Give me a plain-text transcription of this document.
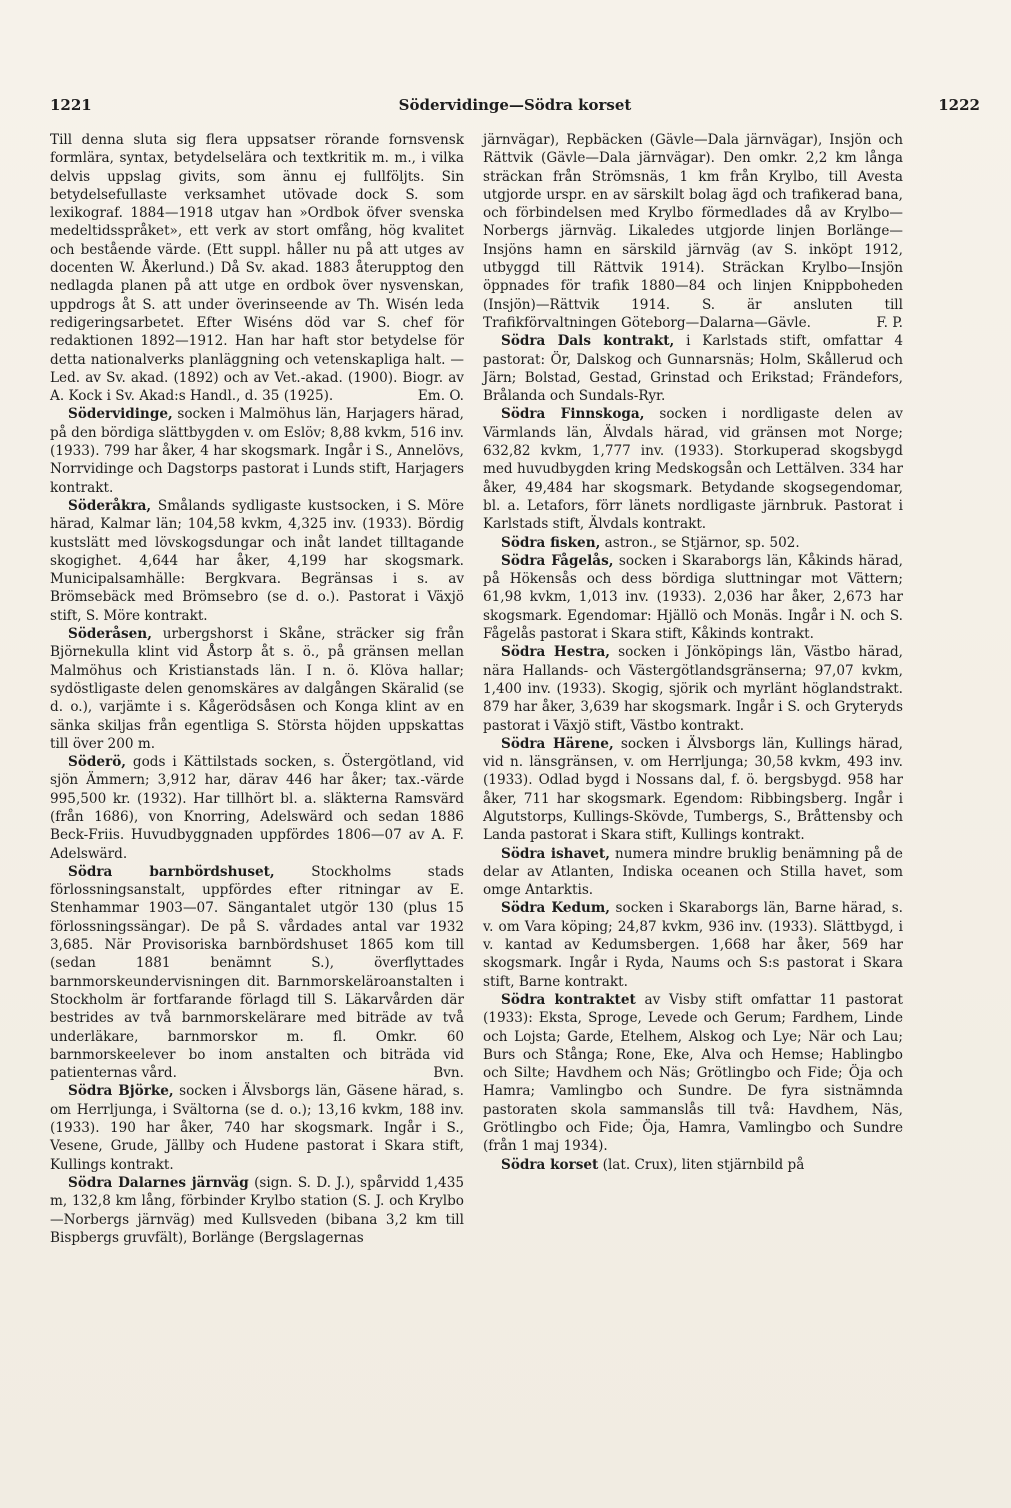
1221	Södervidinge—Södra korset	1222

Till denna sluta sig flera uppsatser rörande fornsvensk formlära, syntax, betydelselära och textkritik m. m., i vilka delvis uppslag givits, som ännu ej fullföljts. Sin betydelsefullaste verksamhet utövade dock S. som lexikograf. 1884—1918 utgav han »Ordbok öfver svenska medeltidsspråket», ett verk av stort omfång, hög kvalitet och bestående värde. (Ett suppl. håller nu på att utges av docenten W. Åkerlund.) Då Sv. akad. 1883 återupptog den nedlagda planen på att utge en ordbok över nysvenskan, uppdrogs åt S. att under överinseende av Th. Wisén leda redigeringsarbetet. Efter Wiséns död var S. chef för redaktionen 1892—1912. Han har haft stor betydelse för detta nationalverks planläggning och vetenskapliga halt. — Led. av Sv. akad. (1892) och av Vet.-akad. (1900). Biogr. av A. Kock i Sv. Akad:s Handl., d. 35 (1925).	Em. O.

Södervidinge, socken i Malmöhus län, Harjagers härad, på den bördiga slättbygden v. om Eslöv; 8,88 kvkm, 516 inv. (1933). 799 har åker, 4 har skogsmark. Ingår i S., Annelövs, Norrvidinge och Dagstorps pastorat i Lunds stift, Harjagers kontrakt.

Söderåkra, Smålands sydligaste kustsocken, i S. Möre härad, Kalmar län; 104,58 kvkm, 4,325 inv. (1933). Bördig kustslätt med lövskogsdungar och inåt landet tilltagande skogighet. 4,644 har åker, 4,199 har skogsmark. Municipalsamhälle: Bergkvara. Begränsas i s. av Brömsebäck med Brömsebro (se d. o.). Pastorat i Växjö stift, S. Möre kontrakt.

Söderåsen, urbergshorst i Skåne, sträcker sig från Björnekulla klint vid Åstorp åt s. ö., på gränsen mellan Malmöhus och Kristianstads län. I n. ö. Klöva hallar; sydöstligaste delen genomskäres av dalgången Skäralid (se d. o.), varjämte i s. Kågerödsåsen och Konga klint av en sänka skiljas från egentliga S. Största höjden uppskattas till över 200 m.

Söderö, gods i Kättilstads socken, s. Östergötland, vid sjön Ämmern; 3,912 har, därav 446 har åker; tax.-värde 995,500 kr. (1932). Har tillhört bl. a. släkterna Ramsvärd (från 1686), von Knorring, Adelswärd och sedan 1886 Beck-Friis. Huvudbyggnaden uppfördes 1806—07 av A. F. Adelswärd.

Södra barnbördshuset, Stockholms stads förlossningsanstalt, uppfördes efter ritningar av E. Stenhammar 1903—07. Sängantalet utgör 130 (plus 15 förlossningssängar). De på S. vårdades antal var 1932 3,685. När Provisoriska barnbördshuset 1865 kom till (sedan 1881 benämnt S.), överflyttades barnmorskeundervisningen dit. Barnmorskeläroanstalten i Stockholm är fortfarande förlagd till S. Läkarvården där bestrides av två barnmorskelärare med biträde av två underläkare, barnmorskor m. fl. Omkr. 60 barnmorskeelever bo inom anstalten och biträda vid patienternas vård.	Bvn.

Södra Björke, socken i Älvsborgs län, Gäsene härad, s. om Herrljunga, i Svältorna (se d. o.); 13,16 kvkm, 188 inv. (1933). 190 har åker, 740 har skogsmark. Ingår i S., Vesene, Grude, Jällby och Hudene pastorat i Skara stift, Kullings kontrakt.

Södra Dalarnes järnväg (sign. S. D. J.), spårvidd 1,435 m, 132,8 km lång, förbinder Krylbo station (S. J. och Krylbo—Norbergs järnväg) med Kullsveden (bibana 3,2 km till Bispbergs gruvfält), Borlänge (Bergslagernas

järnvägar), Repbäcken (Gävle—Dala järnvägar), Insjön och Rättvik (Gävle—Dala järnvägar). Den omkr. 2,2 km långa sträckan från Strömsnäs, 1 km från Krylbo, till Avesta utgjorde urspr. en av särskilt bolag ägd och trafikerad bana, och förbindelsen med Krylbo förmedlades då av Krylbo—Norbergs järnväg. Likaledes utgjorde linjen Borlänge—Insjöns hamn en särskild järnväg (av S. inköpt 1912, utbyggd till Rättvik 1914). Sträckan Krylbo—Insjön öppnades för trafik 1880—84 och linjen Knippboheden (Insjön)—Rättvik 1914. S. är ansluten till Trafikförvaltningen Göteborg—Dalarna—Gävle.	F. P.

Södra Dals kontrakt, i Karlstads stift, omfattar 4 pastorat: Ör, Dalskog och Gunnarsnäs; Holm, Skållerud och Järn; Bolstad, Gestad, Grinstad och Erikstad; Frändefors, Brålanda och Sundals-Ryr.

Södra Finnskoga, socken i nordligaste delen av Värmlands län, Älvdals härad, vid gränsen mot Norge; 632,82 kvkm, 1,777 inv. (1933). Storkuperad skogsbygd med huvudbygden kring Medskogsån och Lettälven. 334 har åker, 49,484 har skogsmark. Betydande skogsegendomar, bl. a. Letafors, förr länets nordligaste järnbruk. Pastorat i Karlstads stift, Älvdals kontrakt.

Södra fisken, astron., se Stjärnor, sp. 502.

Södra Fågelås, socken i Skaraborgs län, Kåkinds härad, på Hökensås och dess bördiga sluttningar mot Vättern; 61,98 kvkm, 1,013 inv. (1933). 2,036 har åker, 2,673 har skogsmark. Egendomar: Hjällö och Monäs. Ingår i N. och S. Fågelås pastorat i Skara stift, Kåkinds kontrakt.

Södra Hestra, socken i Jönköpings län, Västbo härad, nära Hallands- och Västergötlandsgränserna; 97,07 kvkm, 1,400 inv. (1933). Skogig, sjörik och myrlänt höglandstrakt. 879 har åker, 3,639 har skogsmark. Ingår i S. och Gryteryds pastorat i Växjö stift, Västbo kontrakt.

Södra Härene, socken i Älvsborgs län, Kullings härad, vid n. länsgränsen, v. om Herrljunga; 30,58 kvkm, 493 inv. (1933). Odlad bygd i Nossans dal, f. ö. bergsbygd. 958 har åker, 711 har skogsmark. Egendom: Ribbingsberg. Ingår i Algutstorps, Kullings-Skövde, Tumbergs, S., Bråttensby och Landa pastorat i Skara stift, Kullings kontrakt.

Södra ishavet, numera mindre bruklig benämning på de delar av Atlanten, Indiska oceanen och Stilla havet, som omge Antarktis.

Södra Kedum, socken i Skaraborgs län, Barne härad, s. v. om Vara köping; 24,87 kvkm, 936 inv. (1933). Slättbygd, i v. kantad av Kedumsbergen. 1,668 har åker, 569 har skogsmark. Ingår i Ryda, Naums och S:s pastorat i Skara stift, Barne kontrakt.

Södra kontraktet av Visby stift omfattar 11 pastorat (1933): Eksta, Sproge, Levede och Gerum; Fardhem, Linde och Lojsta; Garde, Etelhem, Alskog och Lye; När och Lau; Burs och Stånga; Rone, Eke, Alva och Hemse; Hablingbo och Silte; Havdhem och Näs; Grötlingbo och Fide; Öja och Hamra; Vamlingbo och Sundre. De fyra sistnämnda pastoraten skola sammanslås till två: Havdhem, Näs, Grötlingbo och Fide; Öja, Hamra, Vamlingbo och Sundre (från 1 maj 1934).

Södra korset (lat. Crux), liten stjärnbild på
